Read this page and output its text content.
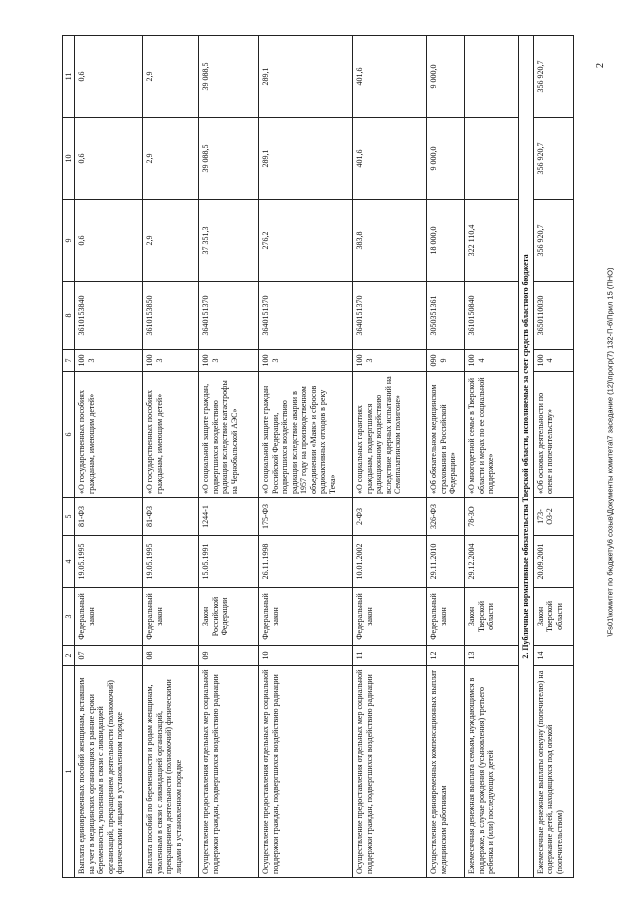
2
\Fs01\комитет по бюджету\6 созыв\Документы комитета\7 заседание (12)\прогр(7) 132-П-6\Прил 15 (ПНО)
1	2	3	4	5	6	7	8	9	10	11
Выплата единовременных пособий женщинам, вставшим на учет в медицинских организациях в ранние сроки беременности, уволенным в связи с ликвидацией организаций, прекращением деятельности (полномочий) физическими лицами в установленном порядке	07	Федеральный закон	19.05.1995	81-ФЗ	«О государственных пособиях гражданам, имеющим детей»	1003	3610153840	0,6	0,6	0,6
Выплата пособий по беременности и родам женщинам, уволенным в связи с ликвидацией организаций, прекращением деятельности (полномочий) физическими лицами в установленном порядке	08	Федеральный закон	19.05.1995	81-ФЗ	«О государственных пособиях гражданам, имеющим детей»	1003	3610153850	2,9	2,9	2,9
Осуществление предоставления отдельных мер социальной поддержки граждан, подвергшихся воздействию радиации	09	Закон Российской Федерации	15.05.1991	1244-1	«О социальной защите граждан, подвергшихся воздействию радиации вследствие катастрофы на Чернобыльской АЭС»	1003	3640151370	37 351,3	39 088,5	39 088,5
Осуществление предоставления отдельных мер социальной поддержки граждан, подвергшихся воздействию радиации	10	Федеральный закон	26.11.1998	175-ФЗ	«О социальной защите граждан Российской Федерации, подвергшихся воздействию радиации вследствие аварии в 1957 году на производственном объединении «Маяк» и сбросов радиоактивных отходов в реку Теча»	1003	3640151370	276,2	289,1	289,1
Осуществление предоставления отдельных мер социальной поддержки граждан, подвергшихся воздействию радиации	11	Федеральный закон	10.01.2002	2-ФЗ	«О социальных гарантиях гражданам, подвергшимся радиационному воздействию вследствие ядерных испытаний на Семипалатинском полигоне»	1003	3640151370	383,8	401,6	401,6
Осуществление единовременных компенсационных выплат медицинским работникам	12	Федеральный закон	29.11.2010	326-ФЗ	«Об обязательном медицинском страховании в Российской Федерации»	0909	3050351361	18 000,0	9 000,0	9 000,0
Ежемесячная денежная выплата семьям, нуждающимся в поддержке, в случае рождения (усыновления) третьего ребенка и (или) последующих детей	13	Закон Тверской области	29.12.2004	78-ЗО	«О многодетной семье в Тверской области и мерах по ее социальной поддержке»	1004	3610150840	322 110,4		
2. Публичные нормативные обязательства Тверской области, исполняемые за счет средств областного бюджета										
Ежемесячные денежные выплаты опекуну (попечителю) на содержание детей, находящихся под опекой (попечительством)	14	Закон Тверской области	20.09.2001	173-ОЗ-2	«Об основах деятельности по опеке и попечительству»	1004	3650110030	356 920,7	356 920,7	356 920,7
